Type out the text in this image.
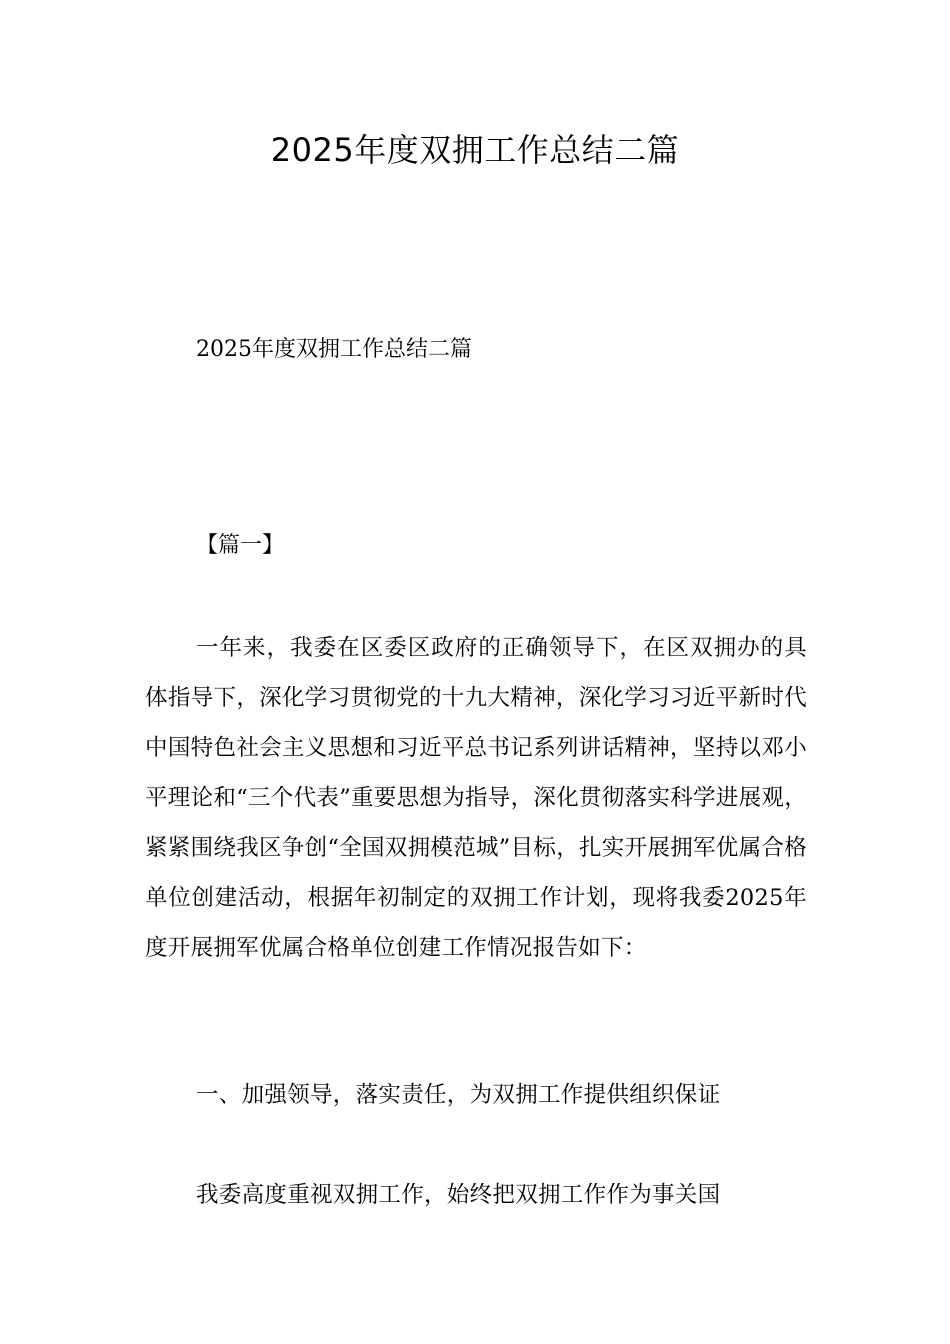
2025年度双拥工作总结二篇

2025年度双拥工作总结二篇

【篇一】

一年来，我委在区委区政府的正确领导下，在区双拥办的具体指导下，深化学习贯彻党的十九大精神，深化学习习近平新时代中国特色社会主义思想和习近平总书记系列讲话精神，坚持以邓小平理论和“三个代表”重要思想为指导，深化贯彻落实科学进展观，紧紧围绕我区争创“全国双拥模范城”目标，扎实开展拥军优属合格单位创建活动，根据年初制定的双拥工作计划，现将我委2025年度开展拥军优属合格单位创建工作情况报告如下：

一、加强领导，落实责任，为双拥工作提供组织保证

我委高度重视双拥工作，始终把双拥工作作为事关国
